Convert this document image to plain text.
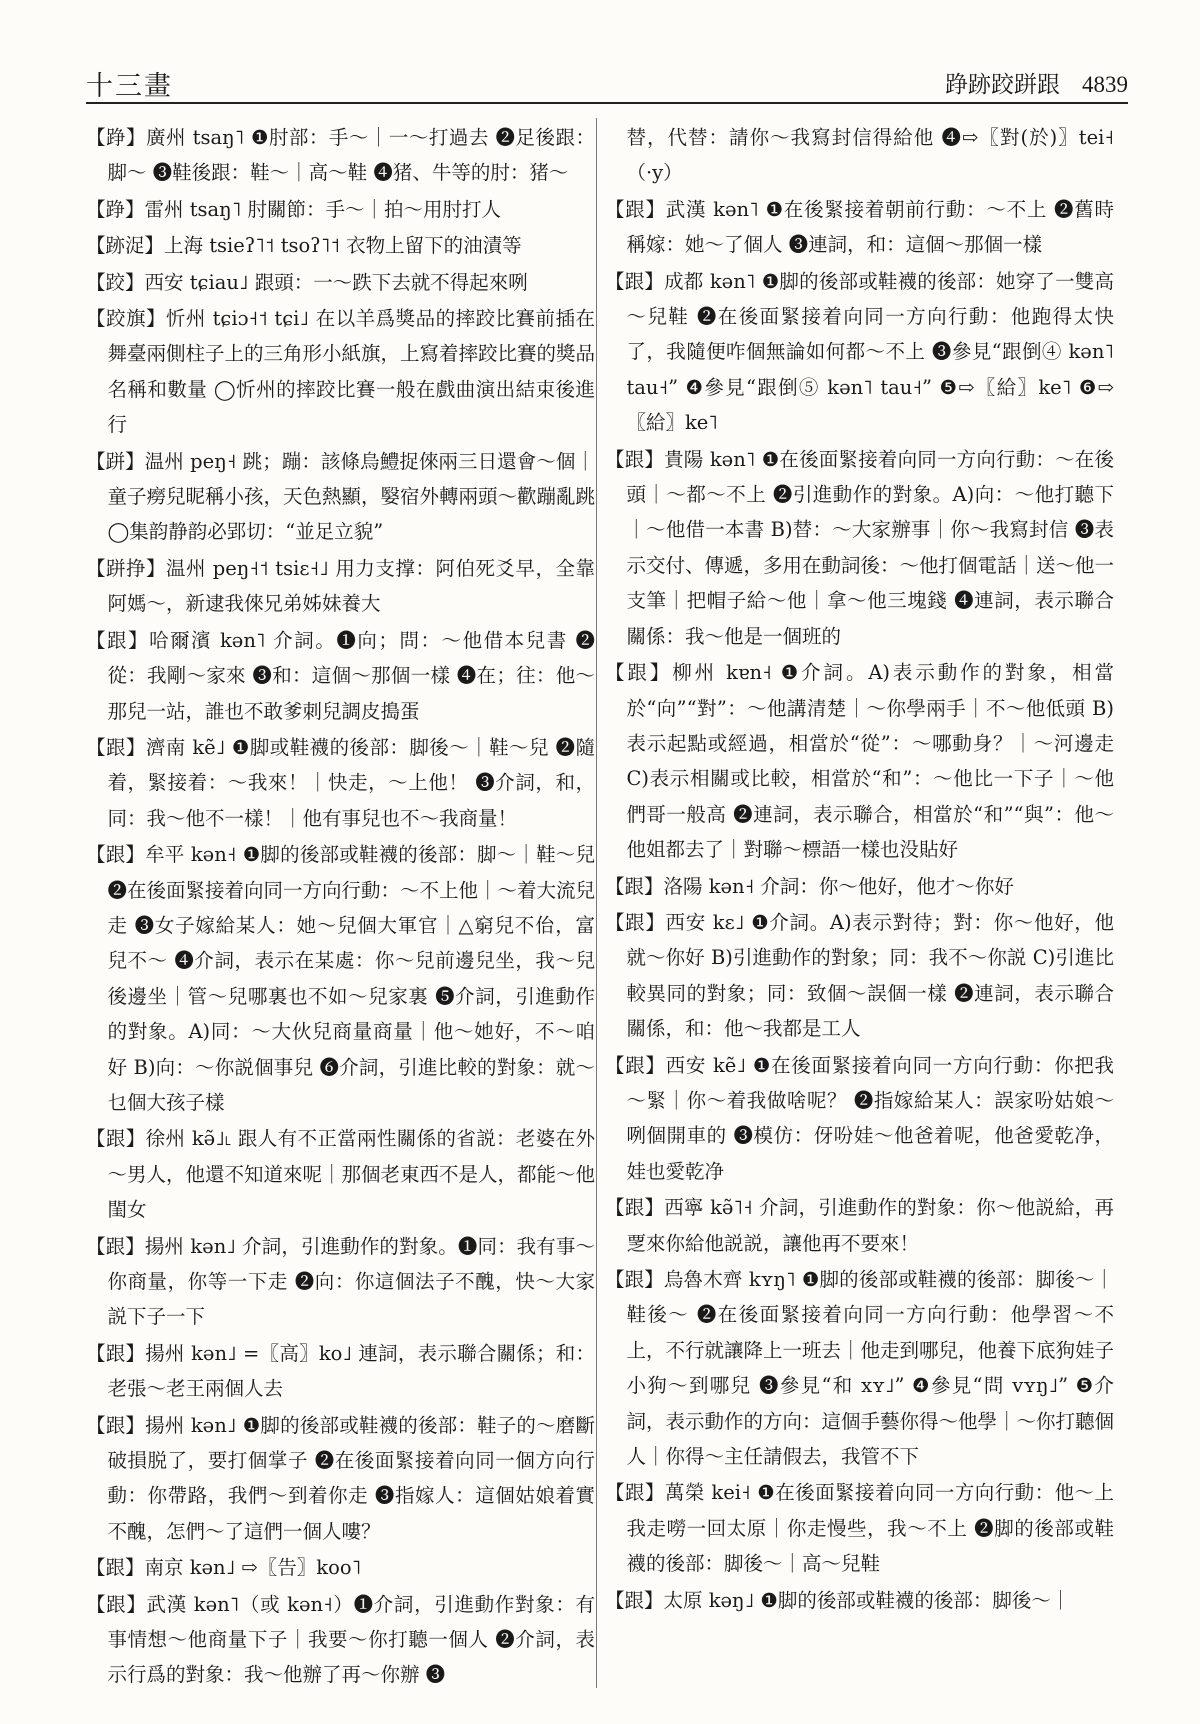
十三畫	踭跡跤跰跟 4839

【踭】廣州 tsaŋ˥ ❶肘部：手～｜一～打過去 ❷足後跟：脚～ ❸鞋後跟：鞋～｜高～鞋 ❹猪、牛等的肘：猪～

【踭】雷州 tsaŋ˥ 肘關節：手～｜拍～用肘打人

【跡浞】上海 tsieʔ˥˦ tsoʔ˥˦ 衣物上留下的油漬等

【跤】西安 tɕiau˩ 跟頭：一～跌下去就不得起來咧

【跤旗】忻州 tɕiɔ˧˦ tɕi˩ 在以羊爲獎品的摔跤比賽前插在舞臺兩側柱子上的三角形小紙旗，上寫着摔跤比賽的獎品名稱和數量 ◯忻州的摔跤比賽一般在戲曲演出結束後進行

【跰】温州 peŋ˧ 跳；蹦：該條烏鱧捉倈兩三日還會～個｜童子癆兒昵稱小孩，天色熱顯，嫛宿外轉兩頭～歡蹦亂跳 ◯集韵静韵必郢切：“並足立貌”

【跰挣】温州 peŋ˧˦ tsiɛ˧˩ 用力支撑：阿伯死爻早，全靠阿媽～，新逮我倈兄弟姊妹養大

【跟】哈爾濱 kən˥ 介詞。❶向；問：～他借本兒書 ❷從：我剛～家來 ❸和：這個～那個一樣 ❹在；往：他～那兒一站，誰也不敢爹刺兒調皮搗蛋

【跟】濟南 kẽ˩ ❶脚或鞋襪的後部：脚後～｜鞋～兒 ❷隨着，緊接着：～我來！｜快走，～上他！ ❸介詞，和，同：我～他不一樣！｜他有事兒也不～我商量！

【跟】牟平 kən˧ ❶脚的後部或鞋襪的後部：脚～｜鞋～兒 ❷在後面緊接着向同一方向行動：～不上他｜～着大流兒走 ❸女子嫁給某人：她～兒個大軍官｜△窮兒不佁，富兒不～ ❹介詞，表示在某處：你～兒前邊兒坐，我～兒後邊坐｜管～兒哪裏也不如～兒家裏 ❺介詞，引進動作的對象。A)同：～大伙兒商量商量｜他～她好，不～咱好 B)向：～你説個事兒 ❻介詞，引進比較的對象：就～乜個大孩子樣

【跟】徐州 kə̃˩˪ 跟人有不正當兩性關係的省説：老婆在外～男人，他還不知道來呢｜那個老東西不是人，都能～他閨女

【跟】揚州 kən˩ 介詞，引進動作的對象。❶同：我有事～你商量，你等一下走 ❷向：你這個法子不醜，快～大家説下子一下

【跟】揚州 kən˩ =〖高〗ko˩ 連詞，表示聯合關係；和：老張～老王兩個人去

【跟】揚州 kən˩ ❶脚的後部或鞋襪的後部：鞋子的～磨斷破損脱了，要打個掌子 ❷在後面緊接着向同一個方向行動：你帶路，我們～到着你走 ❸指嫁人：這個姑娘着實不醜，怎們～了這們一個人嘍？

【跟】南京 kən˩ ⇨〖告〗koo˥

【跟】武漢 kən˥（或 kən˧）❶介詞，引進動作對象：有事情想～他商量下子｜我要～你打聽一個人 ❷介詞，表示行爲的對象：我～他辦了再～你辦 ❸

替，代替：請你～我寫封信得給他 ❹⇨〖對(於)〗tei˧（·y）

【跟】武漢 kən˥ ❶在後緊接着朝前行動：～不上 ❷舊時稱嫁：她～了個人 ❸連詞，和：這個～那個一樣

【跟】成都 kən˥ ❶脚的後部或鞋襪的後部：她穿了一雙高～兒鞋 ❷在後面緊接着向同一方向行動：他跑得太快了，我隨便咋個無論如何都～不上 ❸參見“跟倒④ kən˥ tau˧” ❹參見“跟倒⑤ kən˥ tau˧” ❺⇨〖給〗ke˥ ❻⇨〖給〗ke˥

【跟】貴陽 kən˥ ❶在後面緊接着向同一方向行動：～在後頭｜～都～不上 ❷引進動作的對象。A)向：～他打聽下｜～他借一本書 B)替：～大家辦事｜你～我寫封信 ❸表示交付、傳遞，多用在動詞後：～他打個電話｜送～他一支筆｜把帽子給～他｜拿～他三塊錢 ❹連詞，表示聯合關係：我～他是一個班的

【跟】柳州 kɐn˧ ❶介詞。A)表示動作的對象，相當於“向”“對”：～他講清楚｜～你學兩手｜不～他低頭 B)表示起點或經過，相當於“從”：～哪動身？｜～河邊走 C)表示相關或比較，相當於“和”：～他比一下子｜～他們哥一般高 ❷連詞，表示聯合，相當於“和”“與”：他～他姐都去了｜對聯～標語一樣也没貼好

【跟】洛陽 kən˧ 介詞：你～他好，他才～你好

【跟】西安 kɛ˩ ❶介詞。A)表示對待；對：你～他好，他就～你好 B)引進動作的對象；同：我不～你説 C)引進比較異同的對象；同：致個～誤個一樣 ❷連詞，表示聯合關係，和：他～我都是工人

【跟】西安 kẽ˩ ❶在後面緊接着向同一方向行動：你把我～緊｜你～着我做啥呢？ ❷指嫁給某人：誤家吩姑娘～咧個開車的 ❸模仿：伢吩娃～他爸着呢，他爸愛乾净，娃也愛乾净

【跟】西寧 kə̃˥˧ 介詞，引進動作的對象：你～他説給，再覂來你給他説説，讓他再不要來！

【跟】烏魯木齊 kʏŋ˥ ❶脚的後部或鞋襪的後部：脚後～｜鞋後～ ❷在後面緊接着向同一方向行動：他學習～不上，不行就讓降上一班去｜他走到哪兒，他養下底狗娃子小狗～到哪兒 ❸參見“和 xʏ˩” ❹參見“問 vʏŋ˩” ❺介詞，表示動作的方向：這個手藝你得～他學｜～你打聽個人｜你得～主任請假去，我管不下

【跟】萬榮 kei˧ ❶在後面緊接着向同一方向行動：他～上我走嘮一回太原｜你走慢些，我～不上 ❷脚的後部或鞋襪的後部：脚後～｜高～兒鞋

【跟】太原 kəŋ˩ ❶脚的後部或鞋襪的後部：脚後～｜
